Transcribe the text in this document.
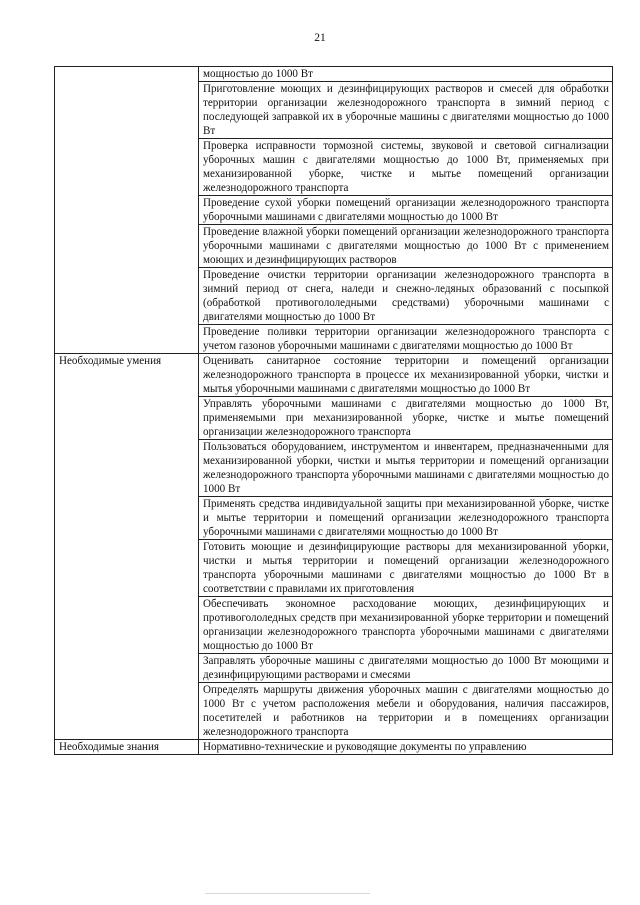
21

	мощностью до 1000 Вт

	Приготовление моющих и дезинфицирующих растворов и смесей для обработки территории организации железнодорожного транспорта в зимний период с последующей заправкой их в уборочные машины с двигателями мощностью до 1000 Вт

	Проверка исправности тормозной системы, звуковой и световой сигнализации уборочных машин с двигателями мощностью до 1000 Вт, применяемых при механизированной уборке, чистке и мытье помещений организации железнодорожного транспорта

	Проведение сухой уборки помещений организации железнодорожного транспорта уборочными машинами с двигателями мощностью до 1000 Вт

	Проведение влажной уборки помещений организации железнодорожного транспорта уборочными машинами с двигателями мощностью до 1000 Вт с применением моющих и дезинфицирующих растворов

	Проведение очистки территории организации железнодорожного транспорта в зимний период от снега, наледи и снежно-ледяных образований с посыпкой (обработкой противогололедными средствами) уборочными машинами с двигателями мощностью до 1000 Вт

	Проведение поливки территории организации железнодорожного транспорта с учетом газонов уборочными машинами с двигателями мощностью до 1000 Вт

Необходимые умения	Оценивать санитарное состояние территории и помещений организации железнодорожного транспорта в процессе их механизированной уборки, чистки и мытья уборочными машинами с двигателями мощностью до 1000 Вт

	Управлять уборочными машинами с двигателями мощностью до 1000 Вт, применяемыми при механизированной уборке, чистке и мытье помещений организации железнодорожного транспорта

	Пользоваться оборудованием, инструментом и инвентарем, предназначенными для механизированной уборки, чистки и мытья территории и помещений организации железнодорожного транспорта уборочными машинами с двигателями мощностью до 1000 Вт

	Применять средства индивидуальной защиты при механизированной уборке, чистке и мытье территории и помещений организации железнодорожного транспорта уборочными машинами с двигателями мощностью до 1000 Вт

	Готовить моющие и дезинфицирующие растворы для механизированной уборки, чистки и мытья территории и помещений организации железнодорожного транспорта уборочными машинами с двигателями мощностью до 1000 Вт в соответствии с правилами их приготовления

	Обеспечивать экономное расходование моющих, дезинфицирующих и противогололедных средств при механизированной уборке территории и помещений организации железнодорожного транспорта уборочными машинами с двигателями мощностью до 1000 Вт

	Заправлять уборочные машины с двигателями мощностью до 1000 Вт моющими и дезинфицирующими растворами и смесями

	Определять маршруты движения уборочных машин с двигателями мощностью до 1000 Вт с учетом расположения мебели и оборудования, наличия пассажиров, посетителей и работников на территории и в помещениях организации железнодорожного транспорта

Необходимые знания	Нормативно-технические и руководящие документы по управлению
